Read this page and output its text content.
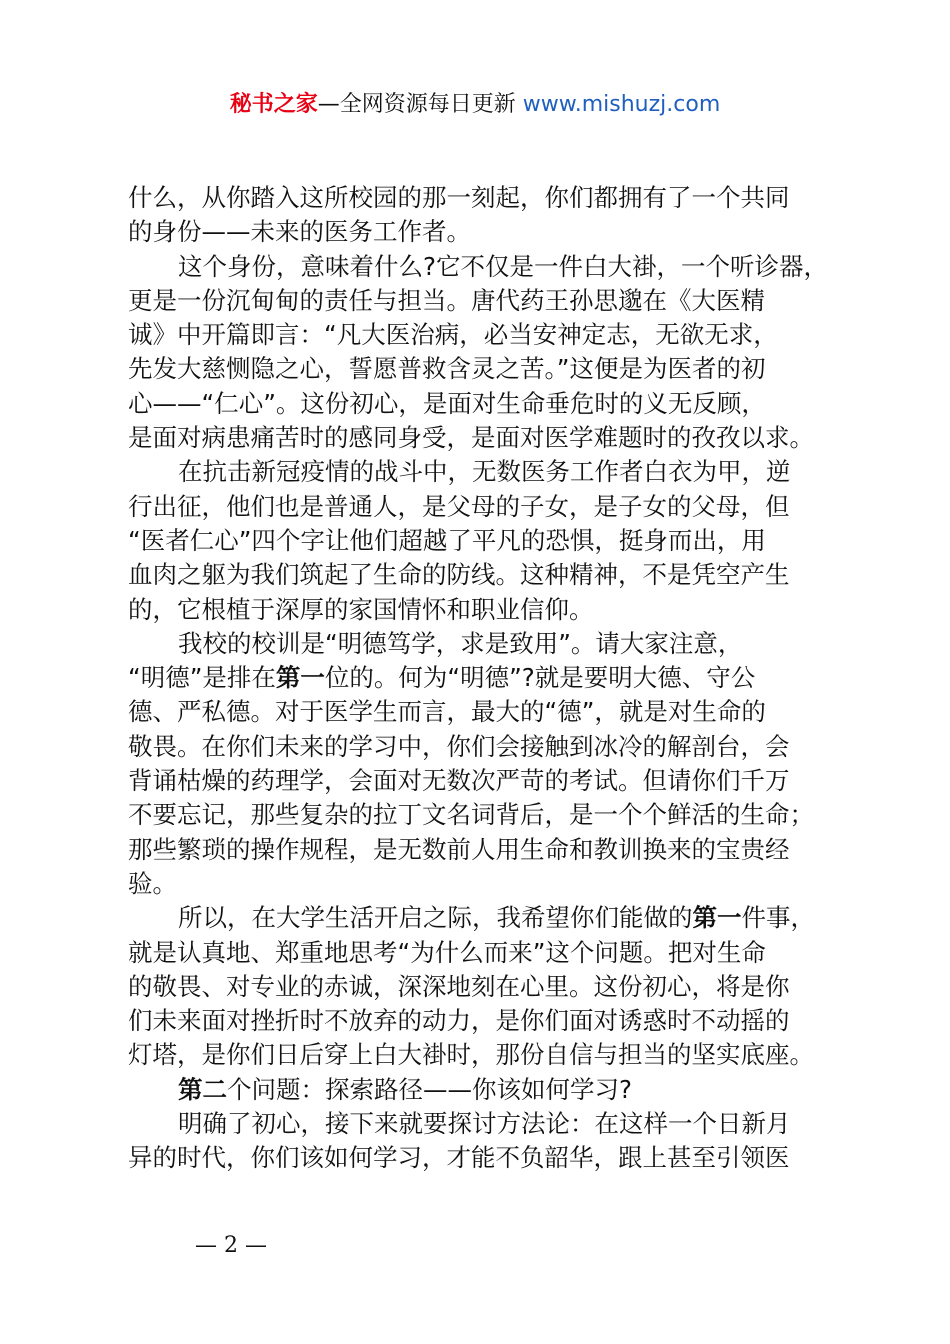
秘书之家—全网资源每日更新 www.mishuzj.com
什么，从你踏入这所校园的那一刻起，你们都拥有了一个共同
的身份——未来的医务工作者。
这个身份，意味着什么?它不仅是一件白大褂，一个听诊器，
更是一份沉甸甸的责任与担当。唐代药王孙思邈在《大医精
诚》中开篇即言：“凡大医治病，必当安神定志，无欲无求，
先发大慈恻隐之心，誓愿普救含灵之苦。”这便是为医者的初
心——“仁心”。这份初心，是面对生命垂危时的义无反顾，
是面对病患痛苦时的感同身受，是面对医学难题时的孜孜以求。
在抗击新冠疫情的战斗中，无数医务工作者白衣为甲，逆
行出征，他们也是普通人，是父母的子女，是子女的父母，但
“医者仁心”四个字让他们超越了平凡的恐惧，挺身而出，用
血肉之躯为我们筑起了生命的防线。这种精神，不是凭空产生
的，它根植于深厚的家国情怀和职业信仰。
我校的校训是“明德笃学，求是致用”。请大家注意，
“明德”是排在第一位的。何为“明德”?就是要明大德、守公
德、严私德。对于医学生而言，最大的“德”，就是对生命的
敬畏。在你们未来的学习中，你们会接触到冰冷的解剖台，会
背诵枯燥的药理学，会面对无数次严苛的考试。但请你们千万
不要忘记，那些复杂的拉丁文名词背后，是一个个鲜活的生命；
那些繁琐的操作规程，是无数前人用生命和教训换来的宝贵经
验。
所以，在大学生活开启之际，我希望你们能做的第一件事，
就是认真地、郑重地思考“为什么而来”这个问题。把对生命
的敬畏、对专业的赤诚，深深地刻在心里。这份初心，将是你
们未来面对挫折时不放弃的动力，是你们面对诱惑时不动摇的
灯塔，是你们日后穿上白大褂时，那份自信与担当的坚实底座。
第二个问题：探索路径——你该如何学习?
明确了初心，接下来就要探讨方法论：在这样一个日新月
异的时代，你们该如何学习，才能不负韶华，跟上甚至引领医
— 2 —
